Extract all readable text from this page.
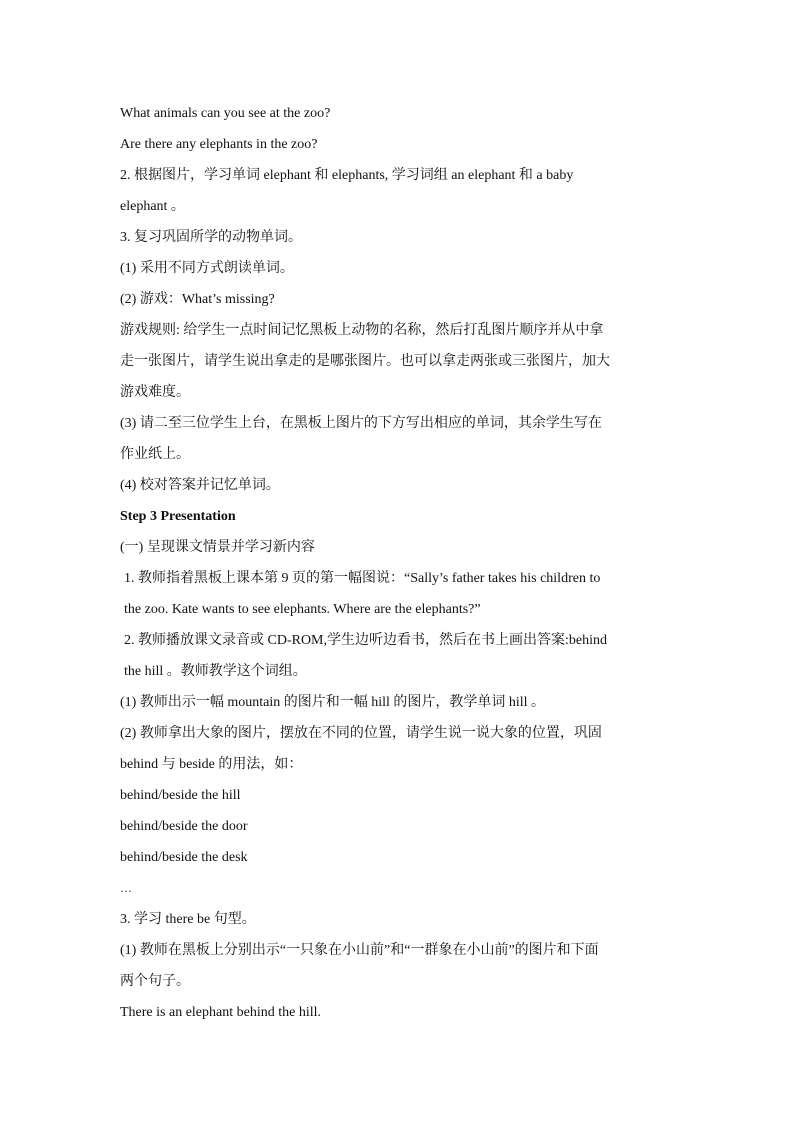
What animals can you see at the zoo?
Are there any elephants in the zoo?
2. 根据图片，学习单词 elephant 和 elephants, 学习词组 an elephant 和 a baby
elephant 。
3. 复习巩固所学的动物单词。
(1) 采用不同方式朗读单词。
(2) 游戏：What’s missing?
游戏规则: 给学生一点时间记忆黑板上动物的名称，然后打乱图片顺序并从中拿
走一张图片，请学生说出拿走的是哪张图片。也可以拿走两张或三张图片，加大
游戏难度。
(3) 请二至三位学生上台，在黑板上图片的下方写出相应的单词，其余学生写在
作业纸上。
(4) 校对答案并记忆单词。
Step 3 Presentation
(一) 呈现课文情景并学习新内容
1. 教师指着黑板上课本第 9 页的第一幅图说：“Sally’s father takes his children to
the zoo. Kate wants to see elephants. Where are the elephants?”
2. 教师播放课文录音或 CD-ROM,学生边听边看书，然后在书上画出答案:behind
the hill 。教师教学这个词组。
(1) 教师出示一幅 mountain 的图片和一幅 hill 的图片，教学单词 hill 。
(2) 教师拿出大象的图片，摆放在不同的位置，请学生说一说大象的位置，巩固
behind 与 beside 的用法，如：
behind/beside the hill
behind/beside the door
behind/beside the desk
…
3. 学习 there be 句型。
(1) 教师在黑板上分别出示“一只象在小山前”和“一群象在小山前”的图片和下面
两个句子。
There is an elephant behind the hill.
